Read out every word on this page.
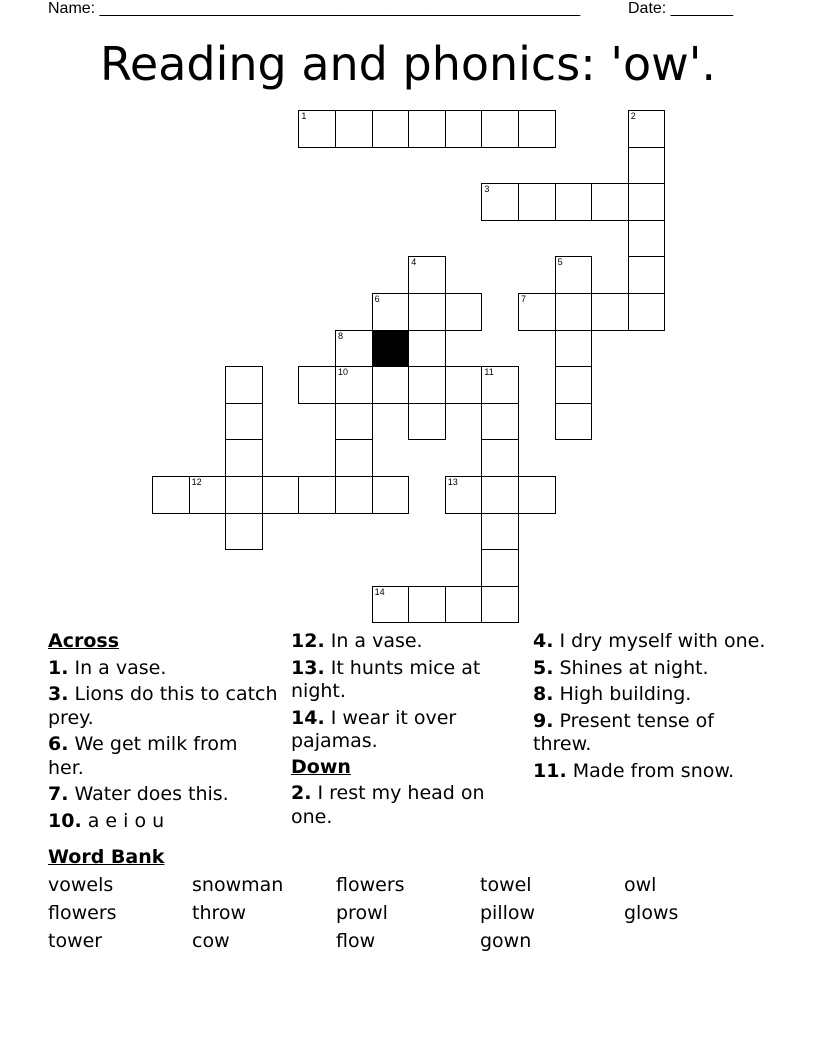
Name: ______________________________________________________	Date: _______
Reading and phonics: 'ow'.
1	2
3
4	5
6	7
8
10	11
12	13
14
Across
1. In a vase.
3. Lions do this to catch prey.
6. We get milk from her.
7. Water does this.
10. a e i o u
12. In a vase.
13. It hunts mice at night.
14. I wear it over pajamas.
Down
2. I rest my head on one.
4. I dry myself with one.
5. Shines at night.
8. High building.
9. Present tense of threw.
11. Made from snow.
Word Bank
vowels	snowman	flowers	towel	owl
flowers	throw	prowl	pillow	glows
tower	cow	flow	gown
